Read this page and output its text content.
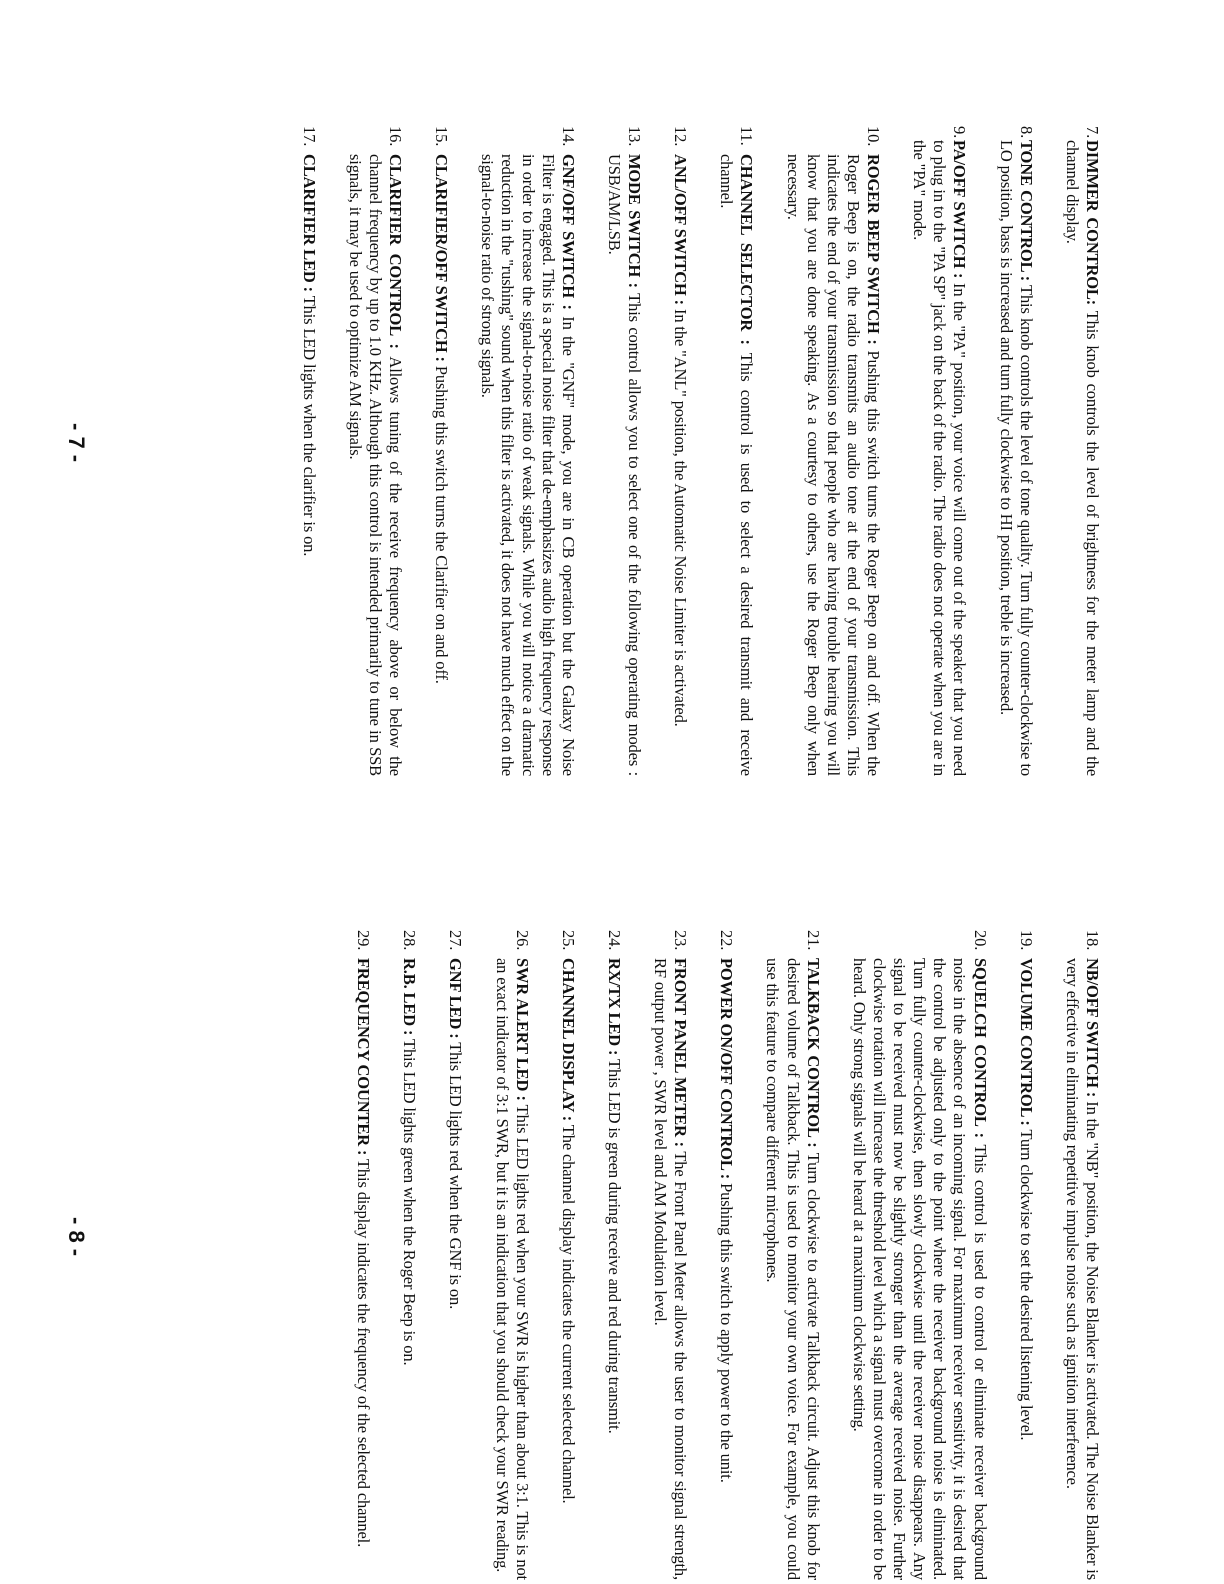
7.
DIMMER CONTROL: This knob controls the level of brightness for the meter lamp and the channel display.
8.
TONE CONTROL : This knob controls the level of tone quality. Turn fully counter-clockwise to LO position, bass is increased and turn fully clockwise to HI position, treble is increased.
9.
PA/OFF SWITCH : In the "PA" position, your voice will come out of the speaker that you need to plug in to the "PA SP" jack on the back of the radio. The radio does not operate when you are in the "PA" mode.
10.
ROGER BEEP SWITCH : Pushing this switch turns the Roger Beep on and off. When the Roger Beep is on, the radio transmits an audio tone at the end of your transmission. This indicates the end of your transmission so that people who are having trouble hearing you will know that you are done speaking. As a courtesy to others, use the Roger Beep only when necessary.
11.
CHANNEL SELECTOR : This control is used to select a desired transmit and receive channel.
12.
ANL/OFF SWITCH : In the "ANL" position, the Automatic Noise Limiter is activated.
13.
MODE SWITCH : This control allows you to select one of the following operating modes : USB/AM/LSB.
14.
GNF/OFF SWITCH : In the "GNF" mode, you are in CB operation but the Galaxy Noise Filter is engaged. This is a special noise filter that de-emphasizes audio high frequency response in order to increase the signal-to-noise ratio of weak signals. While you will notice a dramatic reduction in the "rushing" sound when this filter is activated, it does not have much effect on the signal-to-noise ratio of strong signals.
15.
CLARIFIER/OFF SWITCH : Pushing this switch turns the Clarifier on and off.
16.
CLARIFIER CONTROL : Allows tuning of the receive frequency above or below the channel frequency by up to 1.0 KHz. Although this control is intended primarily to tune in SSB signals, it may be used to optimize AM signals.
17.
CLARIFIER LED : This LED lights when the clarifier is on.
18.
NB/OFF SWITCH : In the "NB" position, the Noise Blanker is activated. The Noise Blanker is very effective in eliminating repetitive impulse noise such as ignition interference.
19.
VOLUME CONTROL : Turn clockwise to set the desired listening level.
20.
SQUELCH CONTROL : This control is used to control or eliminate receiver background noise in the absence of an incoming signal. For maximum receiver sensitivity, it is desired that the control be adjusted only to the point where the receiver background noise is eliminated. Turn fully counter-clockwise, then slowly clockwise until the receiver noise disappears. Any signal to be received must now be slightly stronger than the average received noise. Further clockwise rotation will increase the threshold level which a signal must overcome in order to be heard. Only strong signals will be heard at a maximum clockwise setting.
21.
TALKBACK CONTROL : Turn clockwise to activate Talkback circuit. Adjust this knob for desired volume of Talkback. This is used to monitor your own voice. For example, you could use this feature to compare different microphones.
22.
POWER ON/OFF CONTROL : Pushing this switch to apply power to the unit.
23.
FRONT PANEL METER : The Front Panel Meter allows the user to monitor signal strength, RF output power , SWR level and AM Modulation level.
24.
RX/TX LED : This LED is green during receive and red during transmit.
25.
CHANNEL DISPLAY : The channel display indicates the current selected channel.
26.
SWR ALERT LED : This LED lights red when your SWR is higher than about 3:1. This is not an exact indicator of 3:1 SWR, but it is an indication that you should check your SWR reading.
27.
GNF LED : This LED lights red when the GNF is on.
28.
R.B. LED : This LED lights green when the Roger Beep is on.
29.
FREQUENCY COUNTER : This display indicates the frequency of the selected channel.
- 7 -
- 8 -
